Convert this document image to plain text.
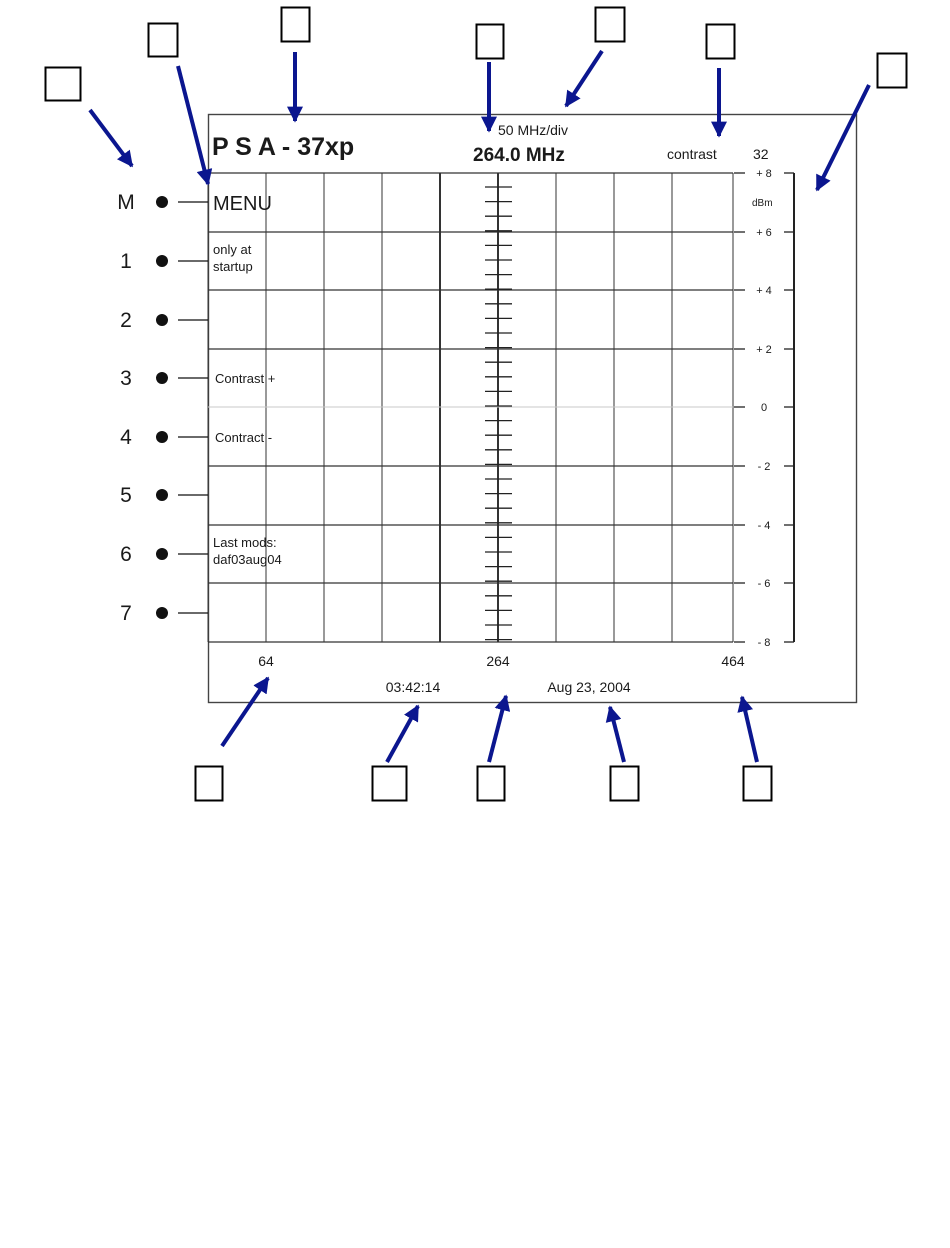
P S A - 37xp
50 MHz/div
264.0 MHz	contrast	32
dBm
+ 8
+ 6
+ 4
+ 2
0
- 2
- 4
- 6
- 8
64	264	464
03:42:14	Aug 23, 2004
M	MENU
1
only at
startup
2
3	Contrast +
4	Contract -
5
6
Last mods:
daf03aug04
7
